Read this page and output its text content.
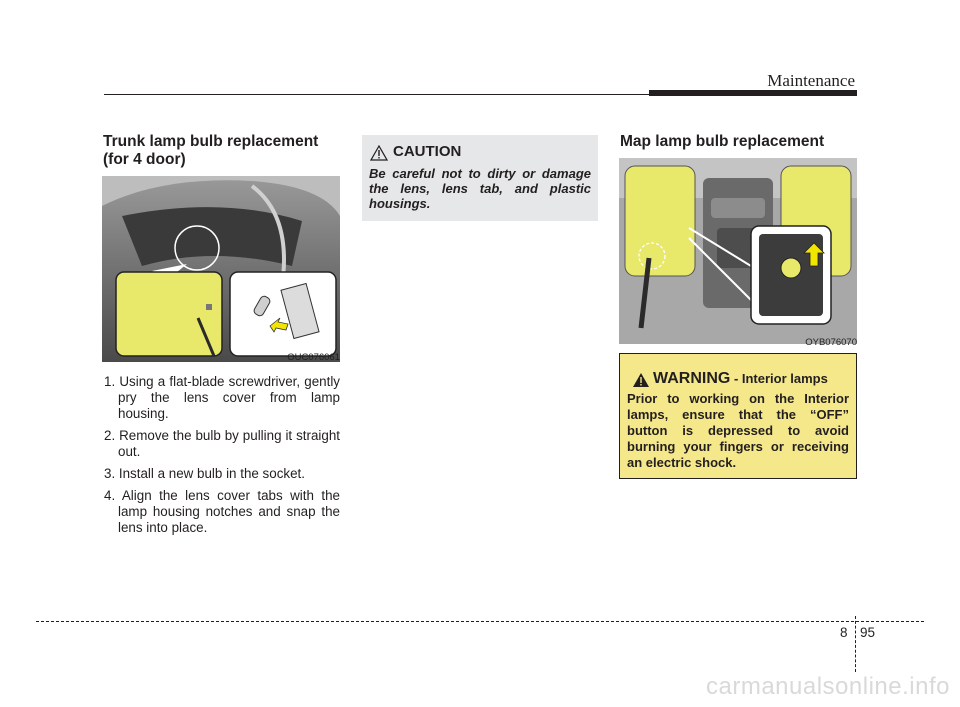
Maintenance
Trunk lamp bulb replacement
(for 4 door)
OUC076061
1. Using a flat-blade screwdriver, gently pry the lens cover from lamp housing.
2. Remove the bulb by pulling it straight out.
3. Install a new bulb in the socket.
4. Align the lens cover tabs with the lamp housing notches and snap the lens into place.
CAUTION
Be careful not to dirty or damage the lens, lens tab, and plastic housings.
Map lamp bulb replacement
OYB076070
WARNING - Interior lamps
Prior to working on the Interior lamps, ensure that the “OFF” button is depressed to avoid burning your fingers or receiving an electric shock.
8 95
carmanualsonline.info
